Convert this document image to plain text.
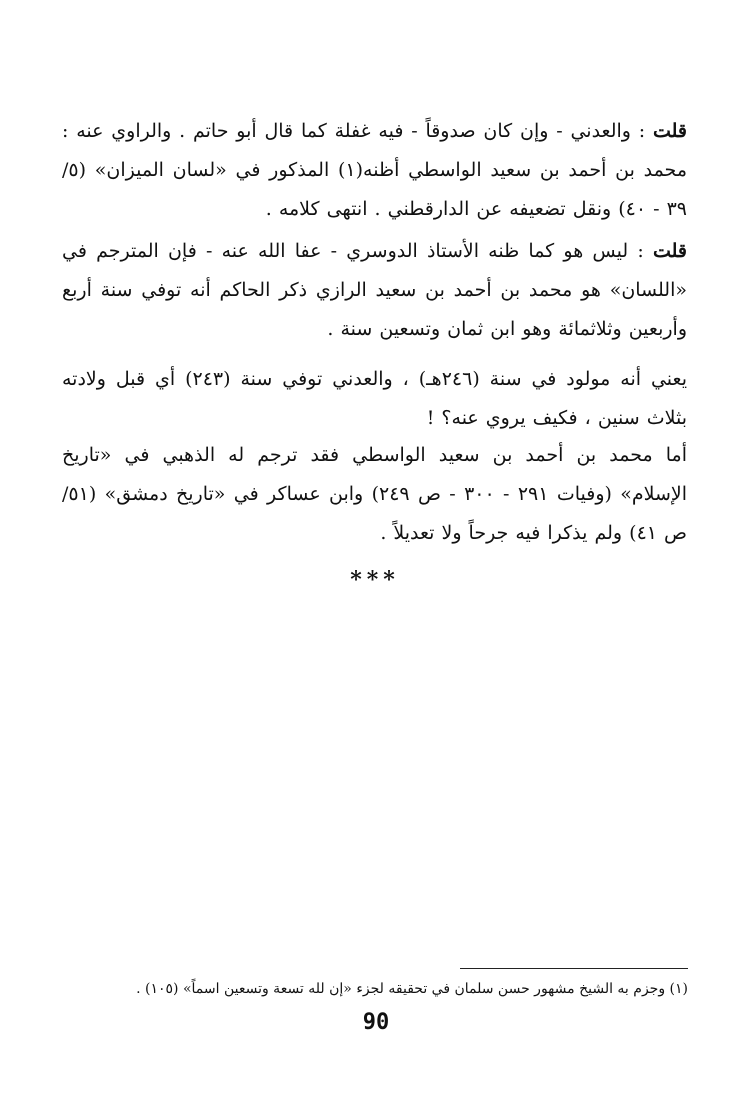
قلت : والعدني - وإن كان صدوقاً - فيه غفلة كما قال أبو حاتم . والراوي عنه : محمد بن أحمد بن سعيد الواسطي أظنه(١) المذكور في «لسان الميزان» (٥/ ٣٩ - ٤٠) ونقل تضعيفه عن الدارقطني . انتهى كلامه .

قلت : ليس هو كما ظنه الأستاذ الدوسري - عفا الله عنه - فإن المترجم في «اللسان» هو محمد بن أحمد بن سعيد الرازي ذكر الحاكم أنه توفي سنة أربع وأربعين وثلاثمائة وهو ابن ثمان وتسعين سنة .

يعني أنه مولود في سنة (٢٤٦هـ) ، والعدني توفي سنة (٢٤٣) أي قبل ولادته بثلاث سنين ، فكيف يروي عنه؟ !

أما محمد بن أحمد بن سعيد الواسطي فقد ترجم له الذهبي في «تاريخ الإسلام» (وفيات ٢٩١ - ٣٠٠ - ص ٢٤٩) وابن عساكر في «تاريخ دمشق» (٥١/ ص ٤١) ولم يذكرا فيه جرحاً ولا تعديلاً .

***
(١) وجزم به الشيخ مشهور حسن سلمان في تحقيقه لجزء «إن لله تسعة وتسعين اسماً» (١٠٥) .
90
